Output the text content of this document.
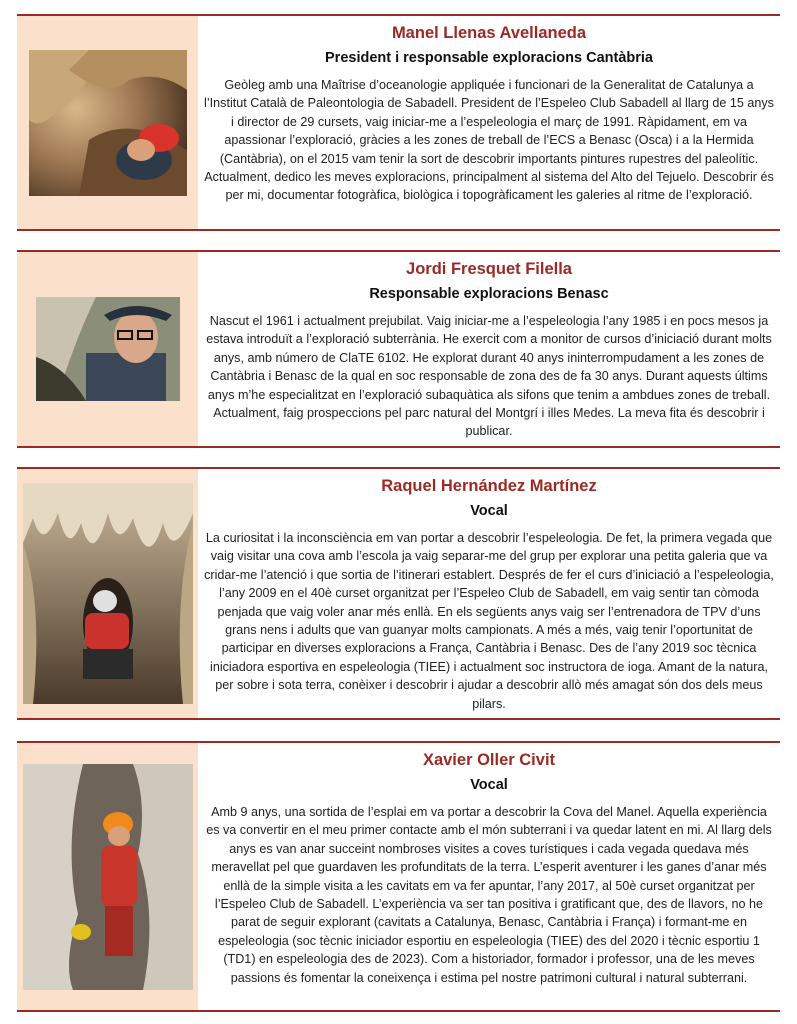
Manel Llenas Avellaneda
President i responsable exploracions Cantàbria
Geòleg amb una Maîtrise d’oceanologie appliquée i funcionari de la Generalitat de Catalunya a l’Institut Català de Paleontologia de Sabadell. President de l’Espeleo Club Sabadell al llarg de 15 anys i director de 29 cursets, vaig iniciar-me a l’espeleologia el març de 1991. Ràpidament, em va apassionar l’exploració, gràcies a les zones de treball de l’ECS a Benasc (Osca) i a la Hermida (Cantàbria), on el 2015 vam tenir la sort de descobrir importants pintures rupestres del paleolític. Actualment, dedico les meves exploracions, principalment al sistema del Alto del Tejuelo. Descobrir és per mi, documentar fotogràfica, biològica i topogràficament les galeries al ritme de l’exploració.
Jordi Fresquet Filella
Responsable exploracions Benasc
Nascut el 1961 i actualment prejubilat. Vaig iniciar-me a l’espeleologia l’any 1985 i en pocs mesos ja estava introduït a l’exploració subterrània. He exercit com a monitor de cursos d’iniciació durant molts anys, amb número de ClaTE 6102. He explorat durant 40 anys ininterrompudament a les zones de Cantàbria i Benasc de la qual en soc responsable de zona des de fa 30 anys. Durant aquests últims anys m’he especialitzat en l’exploració subaquàtica als sifons que tenim a ambdues zones de treball. Actualment, faig prospeccions pel parc natural del Montgrí i illes Medes. La meva fita és descobrir i publicar.
Raquel Hernández Martínez
Vocal
La curiositat i la inconsciència em van portar a descobrir l’espeleologia. De fet, la primera vegada que vaig visitar una cova amb l’escola ja vaig separar-me del grup per explorar una petita galeria que va cridar-me l’atenció i que sortia de l’itinerari establert. Després de fer el curs d’iniciació a l’espeleologia, l’any 2009 en el 40è curset organitzat per l’Espeleo Club de Sabadell, em vaig sentir tan còmoda penjada que vaig voler anar més enllà. En els següents anys vaig ser l’entrenadora de TPV d’uns grans nens i adults que van guanyar molts campionats. A més a més, vaig tenir l’oportunitat de participar en diverses exploracions a França, Cantàbria i Benasc. Des de l’any 2019 soc tècnica iniciadora esportiva en espeleologia (TIEE) i actualment soc instructora de ioga. Amant de la natura, per sobre i sota terra, conèixer i descobrir i ajudar a descobrir allò més amagat són dos dels meus pilars.
Xavier Oller Civit
Vocal
Amb 9 anys, una sortida de l’esplai em va portar a descobrir la Cova del Manel. Aquella experiència es va convertir en el meu primer contacte amb el món subterrani i va quedar latent en mi. Al llarg dels anys es van anar succeint nombroses visites a coves turístiques i cada vegada quedava més meravellat pel que guardaven les profunditats de la terra. L’esperit aventurer i les ganes d’anar més enllà de la simple visita a les cavitats em va fer apuntar, l’any 2017, al 50è curset organitzat per l’Espeleo Club de Sabadell. L’experiència va ser tan positiva i gratificant que, des de llavors, no he parat de seguir explorant (cavitats a Catalunya, Benasc, Cantàbria i França) i formant-me en espeleologia (soc tècnic iniciador esportiu en espeleologia (TIEE) des del 2020 i tècnic esportiu 1 (TD1) en espeleologia des de 2023). Com a historiador, formador i professor, una de les meves passions és fomentar la coneixença i estima pel nostre patrimoni cultural i natural subterrani.
